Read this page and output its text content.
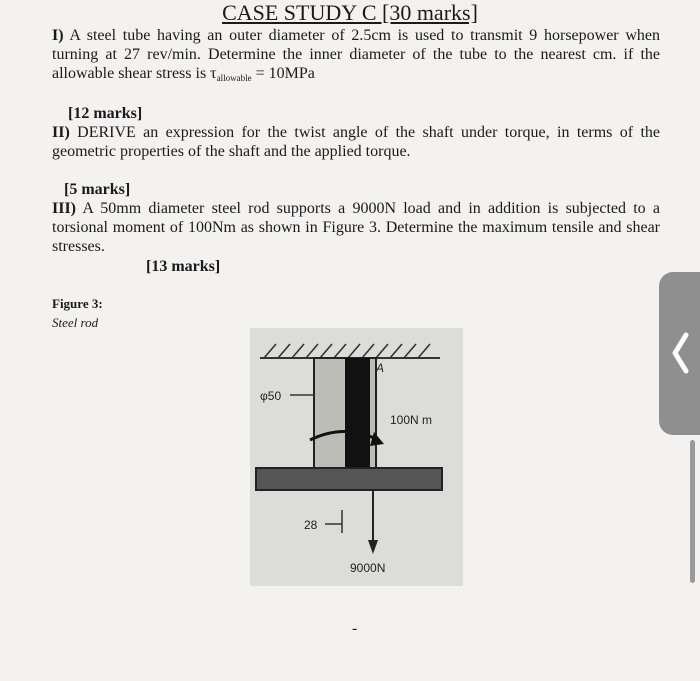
CASE STUDY C [30 marks]
I) A steel tube having an outer diameter of 2.5cm is used to transmit 9 horsepower when turning at 27 rev/min. Determine the inner diameter of the tube to the nearest cm. if the allowable shear stress is $\tau_{allowable} = 10MPa$
[12 marks]
II) DERIVE an expression for the twist angle of the shaft under torque, in terms of the geometric properties of the shaft and the applied torque.
[5 marks]
III) A 50mm diameter steel rod supports a 9000N load and in addition is subjected to a torsional moment of 100Nm as shown in Figure 3. Determine the maximum tensile and shear stresses.
[13 marks]
Figure 3:
Steel rod
φ50
A
100N m
28
9000N
-
